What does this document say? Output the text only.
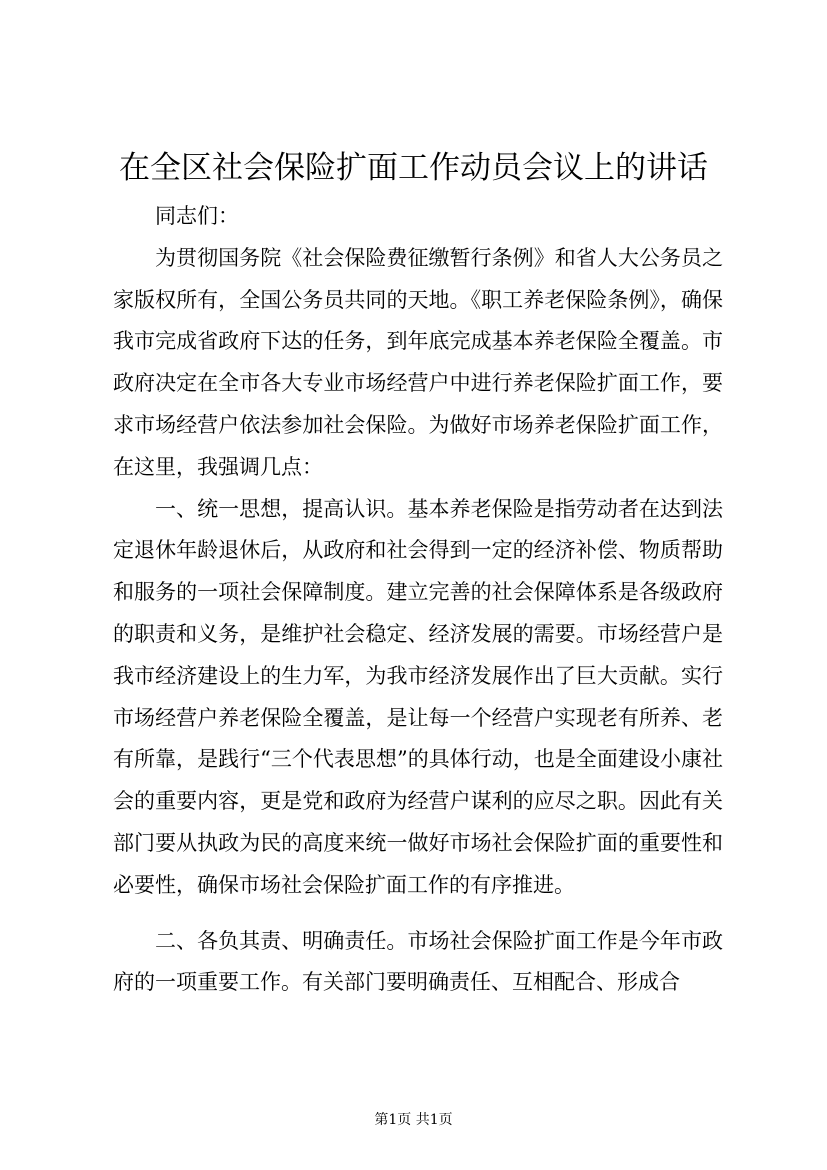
在全区社会保险扩面工作动员会议上的讲话

同志们：

为贯彻国务院《社会保险费征缴暂行条例》和省人大公务员之家版权所有，全国公务员共同的天地。《职工养老保险条例》，确保我市完成省政府下达的任务，到年底完成基本养老保险全覆盖。市政府决定在全市各大专业市场经营户中进行养老保险扩面工作，要求市场经营户依法参加社会保险。为做好市场养老保险扩面工作，在这里，我强调几点：

一、统一思想，提高认识。基本养老保险是指劳动者在达到法定退休年龄退休后，从政府和社会得到一定的经济补偿、物质帮助和服务的一项社会保障制度。建立完善的社会保障体系是各级政府的职责和义务，是维护社会稳定、经济发展的需要。市场经营户是我市经济建设上的生力军，为我市经济发展作出了巨大贡献。实行市场经营户养老保险全覆盖，是让每一个经营户实现老有所养、老有所靠，是践行“三个代表思想”的具体行动，也是全面建设小康社会的重要内容，更是党和政府为经营户谋利的应尽之职。因此有关部门要从执政为民的高度来统一做好市场社会保险扩面的重要性和必要性，确保市场社会保险扩面工作的有序推进。

二、各负其责、明确责任。市场社会保险扩面工作是今年市政府的一项重要工作。有关部门要明确责任、互相配合、形成合

第1页 共1页
